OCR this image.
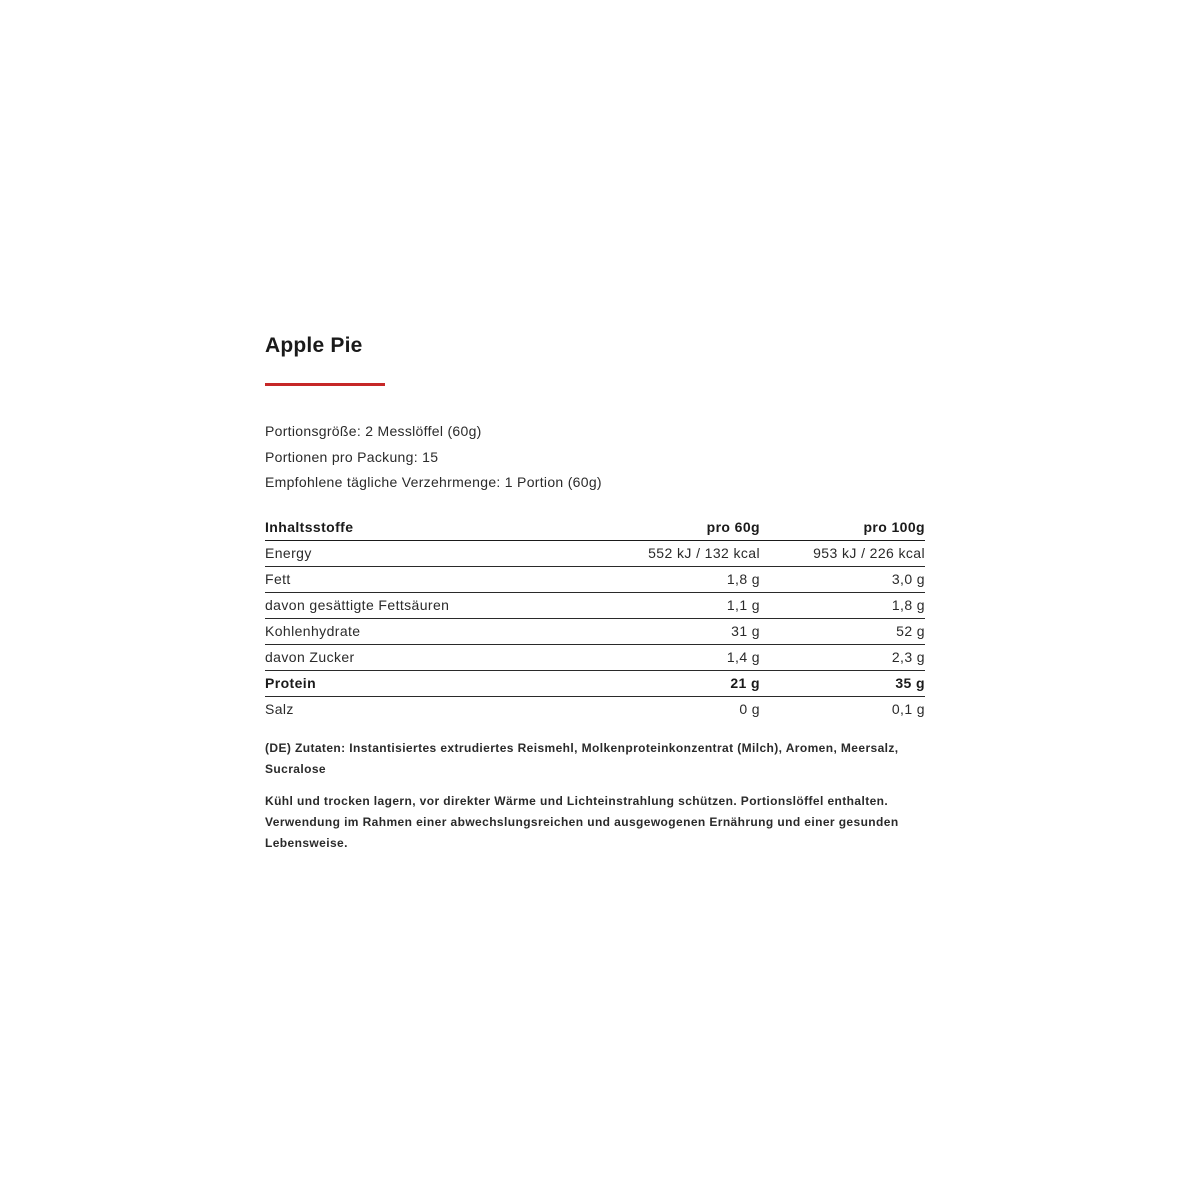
Apple Pie
Portionsgröße: 2 Messlöffel (60g)
Portionen pro Packung: 15
Empfohlene tägliche Verzehrmenge: 1 Portion (60g)
Inhaltsstoffe	pro 60g	pro 100g
Energy	552 kJ / 132 kcal	953 kJ / 226 kcal
Fett	1,8 g	3,0 g
davon gesättigte Fettsäuren	1,1 g	1,8 g
Kohlenhydrate	31 g	52 g
davon Zucker	1,4 g	2,3 g
Protein	21 g	35 g
Salz	0 g	0,1 g

(DE) Zutaten: Instantisiertes extrudiertes Reismehl, Molkenproteinkonzentrat (Milch), Aromen, Meersalz, Sucralose

Kühl und trocken lagern, vor direkter Wärme und Lichteinstrahlung schützen. Portionslöffel enthalten. Verwendung im Rahmen einer abwechslungsreichen und ausgewogenen Ernährung und einer gesunden Lebensweise.
